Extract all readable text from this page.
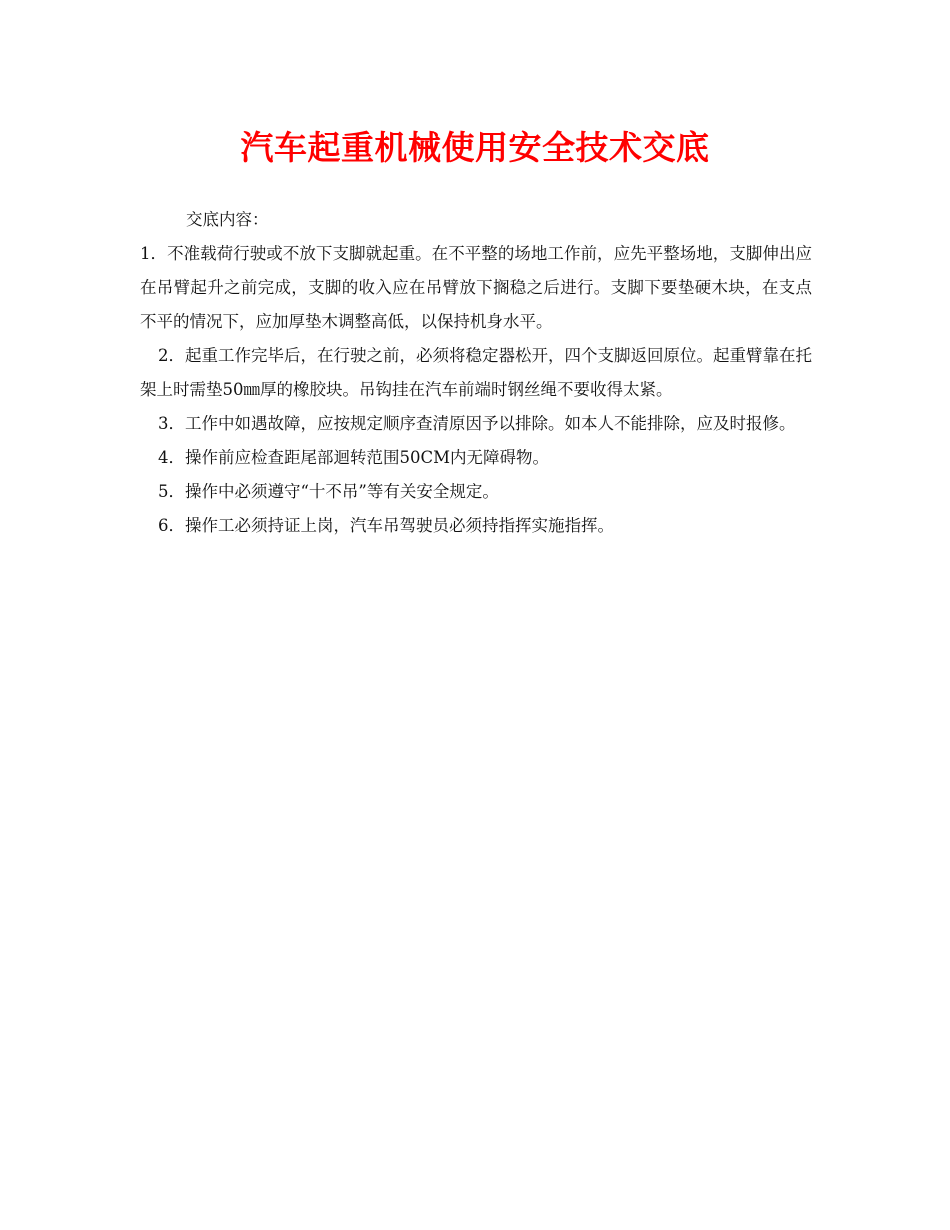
汽车起重机械使用安全技术交底

交底内容：

1．不准载荷行驶或不放下支脚就起重。在不平整的场地工作前，应先平整场地，支脚伸出应在吊臂起升之前完成，支脚的收入应在吊臂放下搁稳之后进行。支脚下要垫硬木块，在支点不平的情况下，应加厚垫木调整高低，以保持机身水平。

2．起重工作完毕后，在行驶之前，必须将稳定器松开，四个支脚返回原位。起重臂靠在托架上时需垫50㎜厚的橡胶块。吊钩挂在汽车前端时钢丝绳不要收得太紧。

3．工作中如遇故障，应按规定顺序查清原因予以排除。如本人不能排除，应及时报修。

4．操作前应检查距尾部迴转范围50CM内无障碍物。

5．操作中必须遵守“十不吊”等有关安全规定。

6．操作工必须持证上岗，汽车吊驾驶员必须持指挥实施指挥。
